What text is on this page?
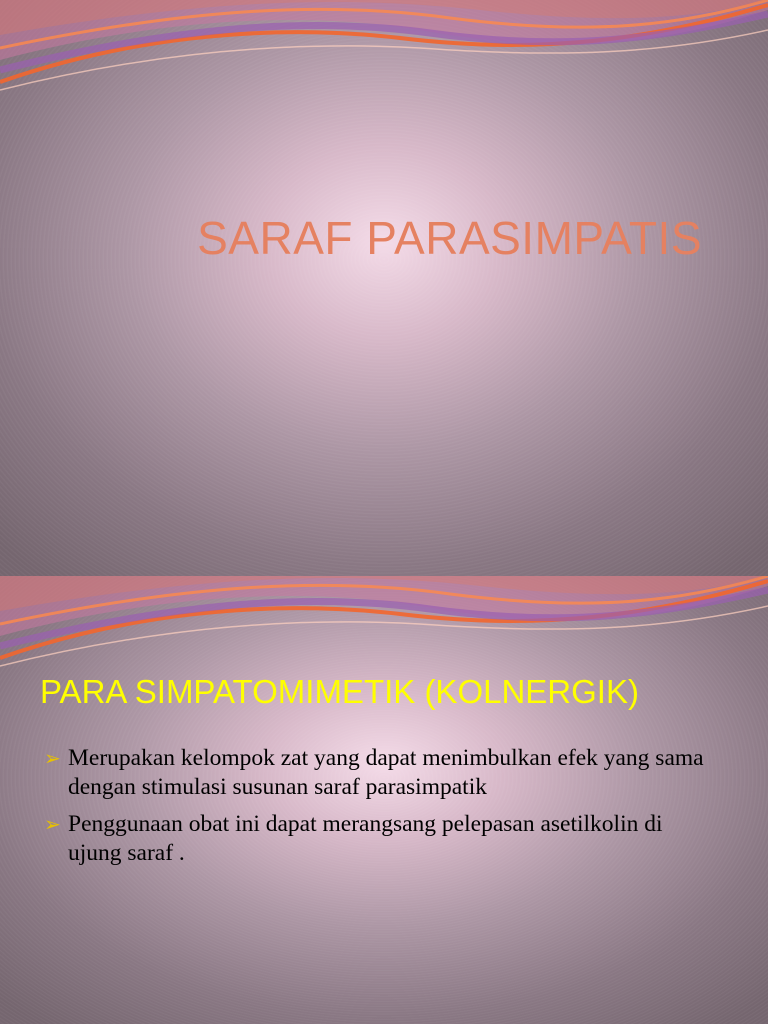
SARAF PARASIMPATIS
PARA SIMPATOMIMETIK (KOLNERGIK)
➢ Merupakan kelompok zat yang dapat menimbulkan efek yang sama dengan stimulasi susunan saraf parasimpatik
➢ Penggunaan obat ini dapat merangsang pelepasan asetilkolin di ujung saraf .
